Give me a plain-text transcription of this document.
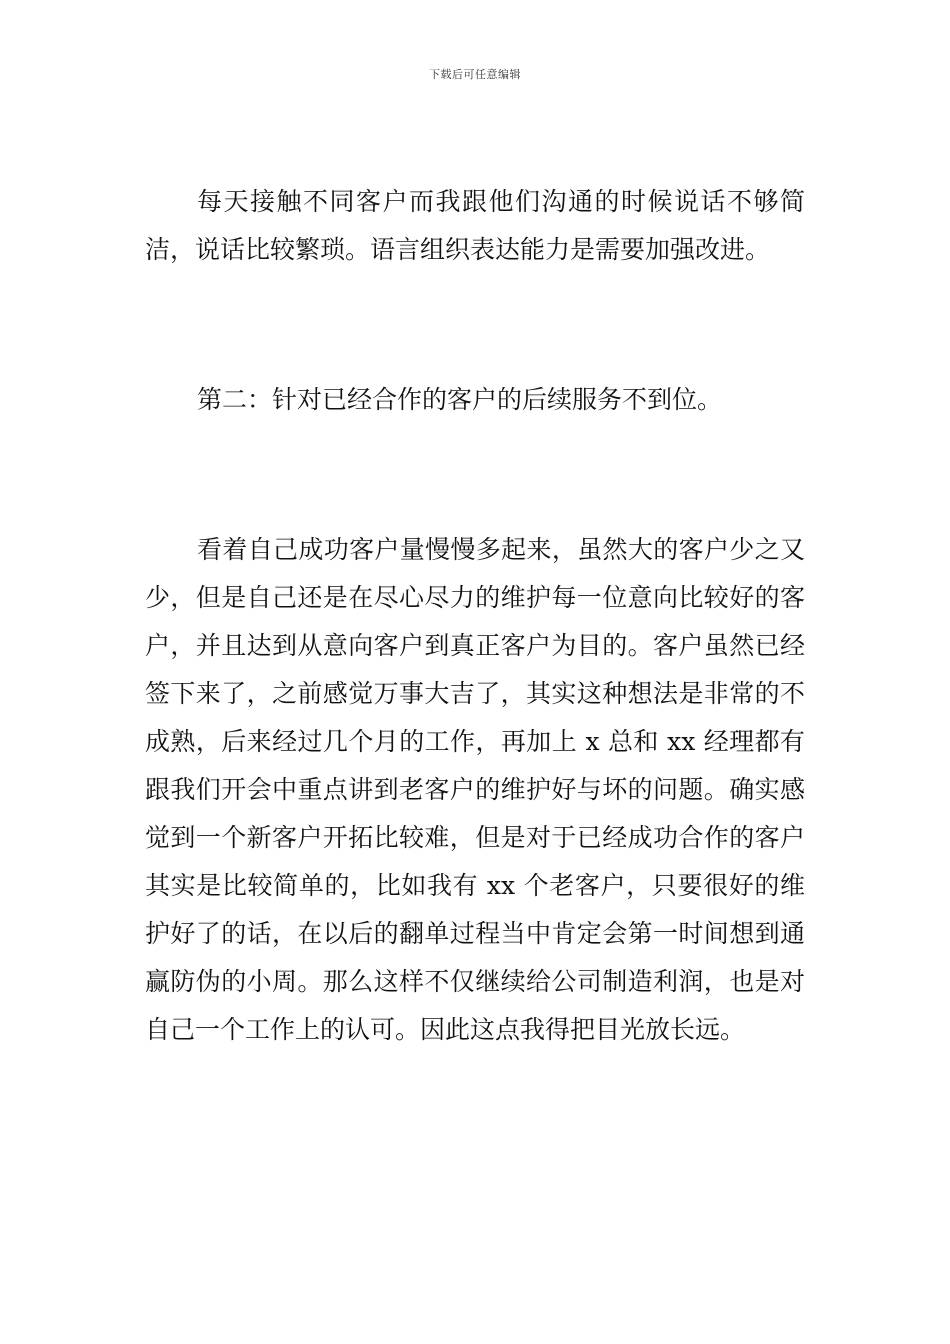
下载后可任意编辑

每天接触不同客户而我跟他们沟通的时候说话不够简洁，说话比较繁琐。语言组织表达能力是需要加强改进。

第二：针对已经合作的客户的后续服务不到位。

看着自己成功客户量慢慢多起来，虽然大的客户少之又少，但是自己还是在尽心尽力的维护每一位意向比较好的客户，并且达到从意向客户到真正客户为目的。客户虽然已经签下来了，之前感觉万事大吉了，其实这种想法是非常的不成熟，后来经过几个月的工作，再加上 x 总和 xx 经理都有跟我们开会中重点讲到老客户的维护好与坏的问题。确实感觉到一个新客户开拓比较难，但是对于已经成功合作的客户其实是比较简单的，比如我有 xx 个老客户，只要很好的维护好了的话，在以后的翻单过程当中肯定会第一时间想到通赢防伪的小周。那么这样不仅继续给公司制造利润，也是对自己一个工作上的认可。因此这点我得把目光放长远。
